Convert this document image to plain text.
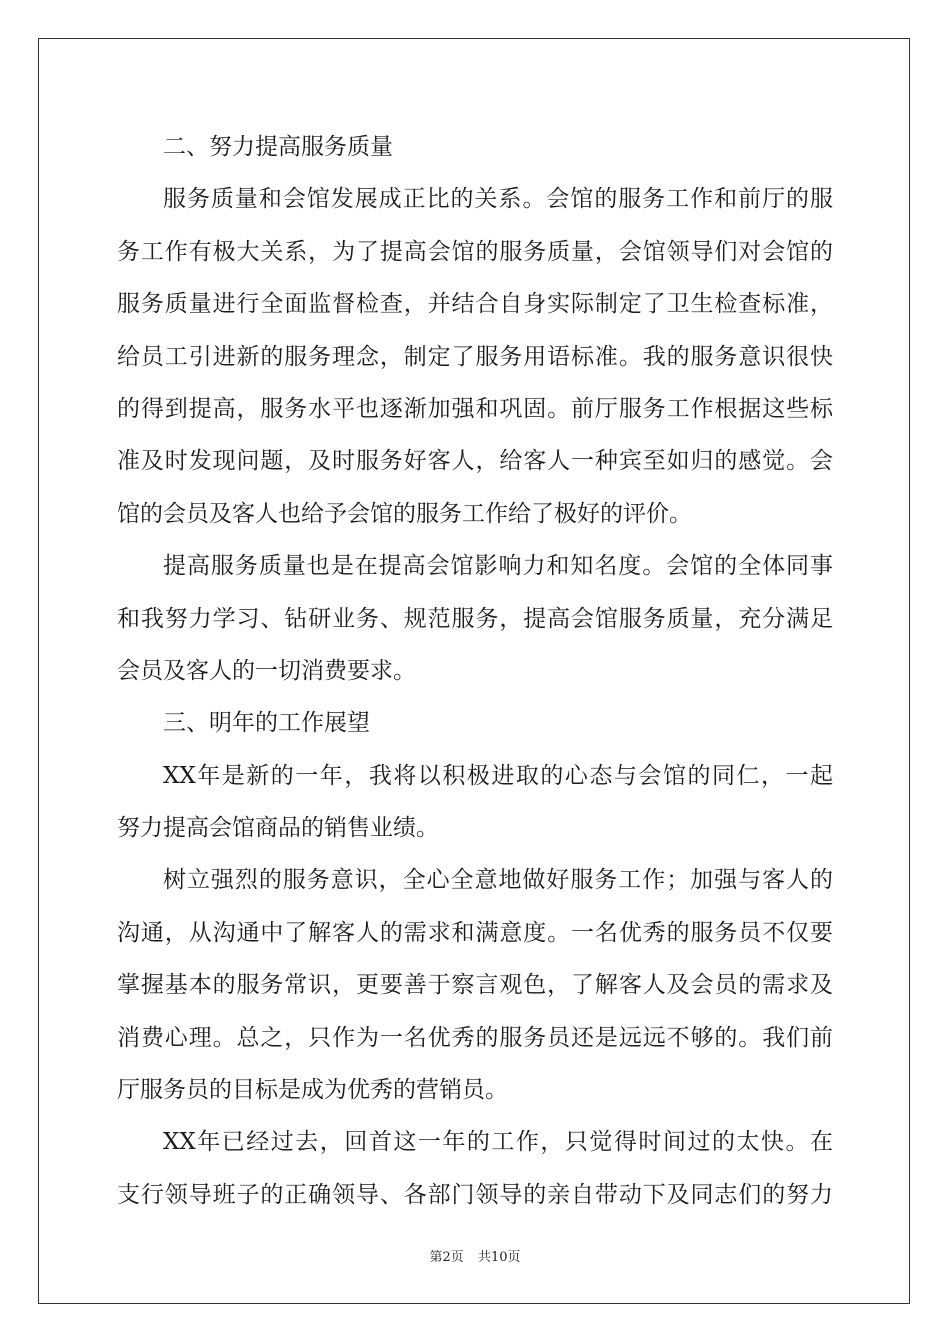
二、努力提高服务质量
服务质量和会馆发展成正比的关系。会馆的服务工作和前厅的服
务工作有极大关系，为了提高会馆的服务质量，会馆领导们对会馆的
服务质量进行全面监督检查，并结合自身实际制定了卫生检查标准，
给员工引进新的服务理念，制定了服务用语标准。我的服务意识很快
的得到提高，服务水平也逐渐加强和巩固。前厅服务工作根据这些标
准及时发现问题，及时服务好客人，给客人一种宾至如归的感觉。会
馆的会员及客人也给予会馆的服务工作给了极好的评价。
提高服务质量也是在提高会馆影响力和知名度。会馆的全体同事
和我努力学习、钻研业务、规范服务，提高会馆服务质量，充分满足
会员及客人的一切消费要求。
三、明年的工作展望
XX年是新的一年，我将以积极进取的心态与会馆的同仁，一起
努力提高会馆商品的销售业绩。
树立强烈的服务意识，全心全意地做好服务工作；加强与客人的
沟通，从沟通中了解客人的需求和满意度。一名优秀的服务员不仅要
掌握基本的服务常识，更要善于察言观色，了解客人及会员的需求及
消费心理。总之，只作为一名优秀的服务员还是远远不够的。我们前
厅服务员的目标是成为优秀的营销员。
XX年已经过去，回首这一年的工作，只觉得时间过的太快。在
支行领导班子的正确领导、各部门领导的亲自带动下及同志们的努力
第2页 共10页
